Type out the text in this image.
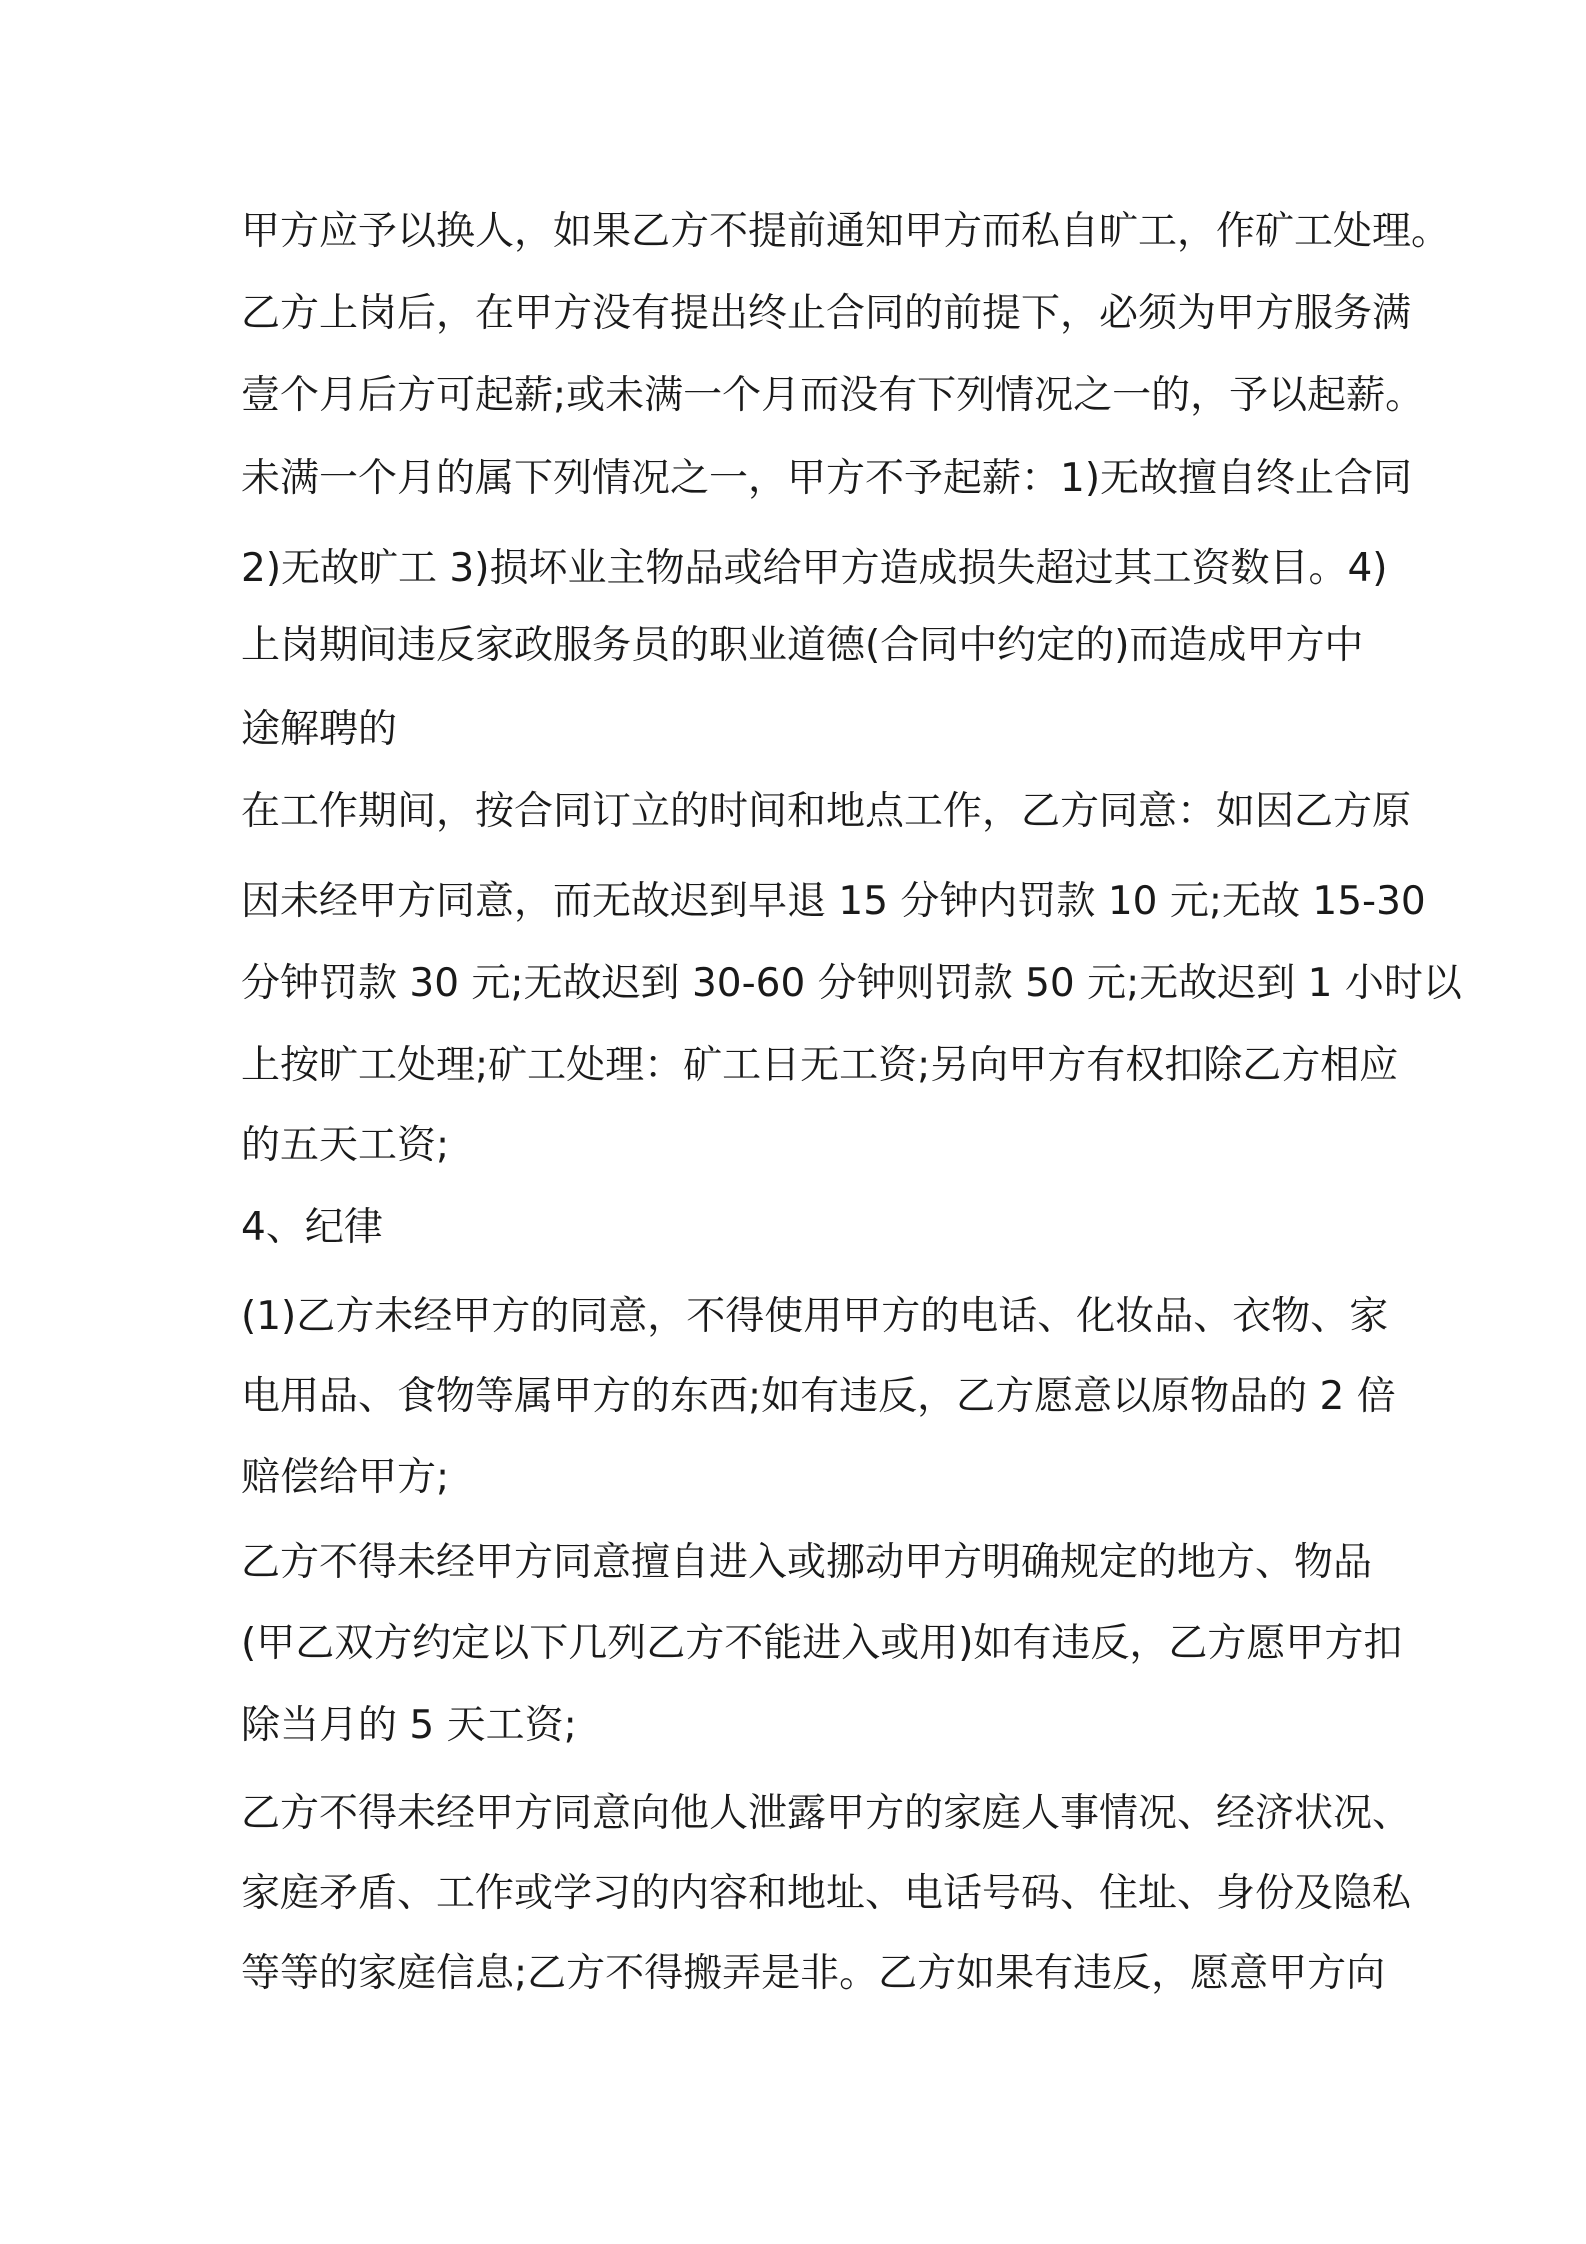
甲方应予以换人，如果乙方不提前通知甲方而私自旷工，作矿工处理。
乙方上岗后，在甲方没有提出终止合同的前提下，必须为甲方服务满
壹个月后方可起薪;或未满一个月而没有下列情况之一的，予以起薪。
未满一个月的属下列情况之一，甲方不予起薪：1)无故擅自终止合同
2)无故旷工 3)损坏业主物品或给甲方造成损失超过其工资数目。4)
上岗期间违反家政服务员的职业道德(合同中约定的)而造成甲方中
途解聘的
在工作期间，按合同订立的时间和地点工作，乙方同意：如因乙方原
因未经甲方同意，而无故迟到早退 15 分钟内罚款 10 元;无故 15-30
分钟罚款 30 元;无故迟到 30-60 分钟则罚款 50 元;无故迟到 1 小时以
上按旷工处理;矿工处理：矿工日无工资;另向甲方有权扣除乙方相应
的五天工资;
4、纪律
(1)乙方未经甲方的同意，不得使用甲方的电话、化妆品、衣物、家
电用品、食物等属甲方的东西;如有违反，乙方愿意以原物品的 2 倍
赔偿给甲方;
乙方不得未经甲方同意擅自进入或挪动甲方明确规定的地方、物品
(甲乙双方约定以下几列乙方不能进入或用)如有违反，乙方愿甲方扣
除当月的 5 天工资;
乙方不得未经甲方同意向他人泄露甲方的家庭人事情况、经济状况、
家庭矛盾、工作或学习的内容和地址、电话号码、住址、身份及隐私
等等的家庭信息;乙方不得搬弄是非。乙方如果有违反，愿意甲方向
